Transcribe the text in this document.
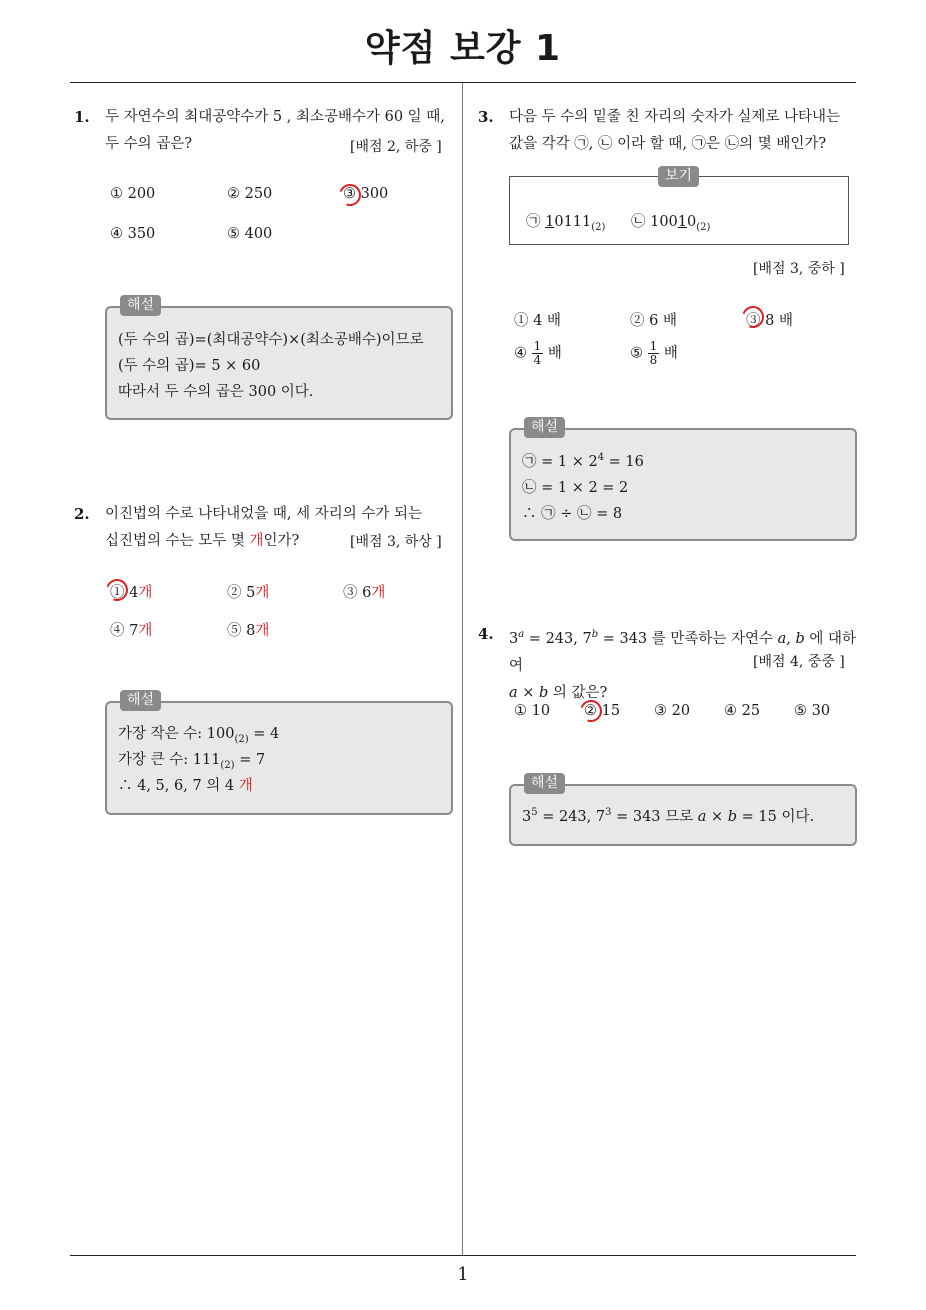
약점 보강 1
1. 두 자연수의 최대공약수가 5 , 최소공배수가 60 일 때,
두 수의 곱은?	[배점 2, 하중 ]
① 200	② 250	③ 300
④ 350	⑤ 400
해설
(두 수의 곱)=(최대공약수)×(최소공배수)이므로
(두 수의 곱)= 5 × 60
따라서 두 수의 곱은 300 이다.
2. 이진법의 수로 나타내었을 때, 세 자리의 수가 되는
십진법의 수는 모두 몇 개인가?	[배점 3, 하상 ]
① 4개	② 5개	③ 6개
④ 7개	⑤ 8개
해설
가장 작은 수: $100_{(2)} = 4$
가장 큰 수: $111_{(2)} = 7$
∴ 4, 5, 6, 7 의 4 개
3. 다음 두 수의 밑줄 친 자리의 숫자가 실제로 나타내는
값을 각각 ㉠, ㉡ 이라 할 때, ㉠은 ㉡의 몇 배인가?
보기
㉠ $10111_{(2)}$ ㉡ $10010_{(2)}$
[배점 3, 중하 ]
① 4 배	② 6 배	③ 8 배
④ $\frac{1}{4}$ 배	⑤ $\frac{1}{8}$ 배
해설
㉠ = $1 \times 2^4 = 16$
㉡ = 1 × 2 = 2
∴ ㉠ ÷ ㉡ = 8
4. $3^a = 243$, $7^b = 343$ 를 만족하는 자연수 a, b 에 대하여
a × b 의 값은?
[배점 4, 중중 ]
① 10 ② 15 ③ 20 ④ 25 ⑤ 30
해설
$3^5 = 243$, $7^3 = 343$ 므로 a × b = 15 이다.
1
